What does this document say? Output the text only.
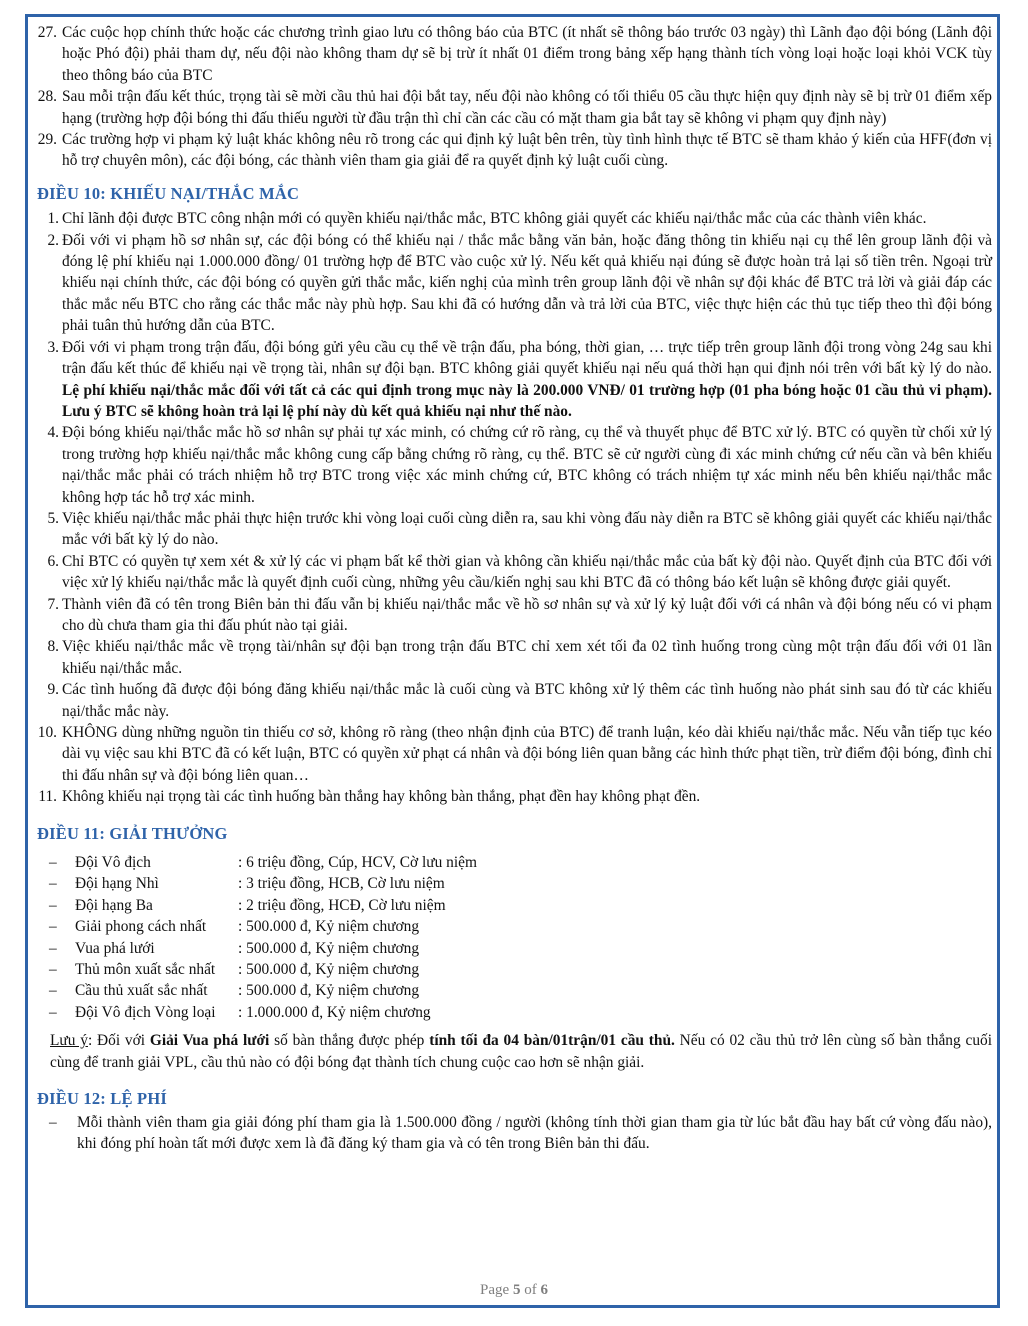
27. Các cuộc họp chính thức hoặc các chương trình giao lưu có thông báo của BTC (ít nhất sẽ thông báo trước 03 ngày) thì Lãnh đạo đội bóng (Lãnh đội hoặc Phó đội) phải tham dự, nếu đội nào không tham dự sẽ bị trừ ít nhất 01 điểm trong bảng xếp hạng thành tích vòng loại hoặc loại khỏi VCK tùy theo thông báo của BTC
28. Sau mỗi trận đấu kết thúc, trọng tài sẽ mời cầu thủ hai đội bắt tay, nếu đội nào không có tối thiểu 05 cầu thực hiện quy định này sẽ bị trừ 01 điểm xếp hạng (trường hợp đội bóng thi đấu thiếu người từ đầu trận thì chỉ cần các cầu có mặt tham gia bắt tay sẽ không vi phạm quy định này)
29. Các trường hợp vi phạm kỷ luật khác không nêu rõ trong các qui định kỷ luật bên trên, tùy tình hình thực tế BTC sẽ tham khảo ý kiến của HFF(đơn vị hỗ trợ chuyên môn), các đội bóng, các thành viên tham gia giải để ra quyết định kỷ luật cuối cùng.
ĐIỀU 10: KHIẾU NẠI/THẮC MẮC
1. Chỉ lãnh đội được BTC công nhận mới có quyền khiếu nại/thắc mắc, BTC không giải quyết các khiếu nại/thắc mắc của các thành viên khác.
2. Đối với vi phạm hồ sơ nhân sự, các đội bóng có thể khiếu nại / thắc mắc bằng văn bản, hoặc đăng thông tin khiếu nại cụ thể lên group lãnh đội và đóng lệ phí khiếu nại 1.000.000 đồng/ 01 trường hợp để BTC vào cuộc xử lý. Nếu kết quả khiếu nại đúng sẽ được hoàn trả lại số tiền trên. Ngoại trừ khiếu nại chính thức, các đội bóng có quyền gửi thắc mắc, kiến nghị của mình trên group lãnh đội về nhân sự đội khác để BTC trả lời và giải đáp các thắc mắc nếu BTC cho rằng các thắc mắc này phù hợp. Sau khi đã có hướng dẫn và trả lời của BTC, việc thực hiện các thủ tục tiếp theo thì đội bóng phải tuân thủ hướng dẫn của BTC.
3. Đối với vi phạm trong trận đấu, đội bóng gửi yêu cầu cụ thể về trận đấu, pha bóng, thời gian, … trực tiếp trên group lãnh đội trong vòng 24g sau khi trận đấu kết thúc để khiếu nại về trọng tài, nhân sự đội bạn. BTC không giải quyết khiếu nại nếu quá thời hạn qui định nói trên với bất kỳ lý do nào. Lệ phí khiếu nại/thắc mắc đối với tất cả các qui định trong mục này là 200.000 VNĐ/ 01 trường hợp (01 pha bóng hoặc 01 cầu thủ vi phạm). Lưu ý BTC sẽ không hoàn trả lại lệ phí này dù kết quả khiếu nại như thế nào.
4. Đội bóng khiếu nại/thắc mắc hồ sơ nhân sự phải tự xác minh, có chứng cứ rõ ràng, cụ thể và thuyết phục để BTC xử lý. BTC có quyền từ chối xử lý trong trường hợp khiếu nại/thắc mắc không cung cấp bằng chứng rõ ràng, cụ thể. BTC sẽ cử người cùng đi xác minh chứng cứ nếu cần và bên khiếu nại/thắc mắc phải có trách nhiệm hỗ trợ BTC trong việc xác minh chứng cứ, BTC không có trách nhiệm tự xác minh nếu bên khiếu nại/thắc mắc không hợp tác hỗ trợ xác minh.
5. Việc khiếu nại/thắc mắc phải thực hiện trước khi vòng loại cuối cùng diễn ra, sau khi vòng đấu này diễn ra BTC sẽ không giải quyết các khiếu nại/thắc mắc với bất kỳ lý do nào.
6. Chỉ BTC có quyền tự xem xét & xử lý các vi phạm bất kể thời gian và không cần khiếu nại/thắc mắc của bất kỳ đội nào. Quyết định của BTC đối với việc xử lý khiếu nại/thắc mắc là quyết định cuối cùng, những yêu cầu/kiến nghị sau khi BTC đã có thông báo kết luận sẽ không được giải quyết.
7. Thành viên đã có tên trong Biên bản thi đấu vẫn bị khiếu nại/thắc mắc về hồ sơ nhân sự và xử lý kỷ luật đối với cá nhân và đội bóng nếu có vi phạm cho dù chưa tham gia thi đấu phút nào tại giải.
8. Việc khiếu nại/thắc mắc về trọng tài/nhân sự đội bạn trong trận đấu BTC chỉ xem xét tối đa 02 tình huống trong cùng một trận đấu đối với 01 lần khiếu nại/thắc mắc.
9. Các tình huống đã được đội bóng đăng khiếu nại/thắc mắc là cuối cùng và BTC không xử lý thêm các tình huống nào phát sinh sau đó từ các khiếu nại/thắc mắc này.
10. KHÔNG dùng những nguồn tin thiếu cơ sở, không rõ ràng (theo nhận định của BTC) để tranh luận, kéo dài khiếu nại/thắc mắc. Nếu vẫn tiếp tục kéo dài vụ việc sau khi BTC đã có kết luận, BTC có quyền xử phạt cá nhân và đội bóng liên quan bằng các hình thức phạt tiền, trừ điểm đội bóng, đình chỉ thi đấu nhân sự và đội bóng liên quan…
11. Không khiếu nại trọng tài các tình huống bàn thắng hay không bàn thắng, phạt đền hay không phạt đền.
ĐIỀU 11: GIẢI THƯỞNG
–	Đội Vô địch	: 6 triệu đồng, Cúp, HCV, Cờ lưu niệm
–	Đội hạng Nhì	: 3 triệu đồng, HCB, Cờ lưu niệm
–	Đội hạng Ba	: 2 triệu đồng, HCĐ, Cờ lưu niệm
–	Giải phong cách nhất	: 500.000 đ, Kỷ niệm chương
–	Vua phá lưới	: 500.000 đ, Kỷ niệm chương
–	Thủ môn xuất sắc nhất	: 500.000 đ, Kỷ niệm chương
–	Cầu thủ xuất sắc nhất	: 500.000 đ, Kỷ niệm chương
–	Đội Vô địch Vòng loại	: 1.000.000 đ, Kỷ niệm chương

Lưu ý: Đối với Giải Vua phá lưới số bàn thắng được phép tính tối đa 04 bàn/01trận/01 cầu thủ. Nếu có 02 cầu thủ trở lên cùng số bàn thắng cuối cùng để tranh giải VPL, cầu thủ nào có đội bóng đạt thành tích chung cuộc cao hơn sẽ nhận giải.

ĐIỀU 12: LỆ PHÍ
–	Mỗi thành viên tham gia giải đóng phí tham gia là 1.500.000 đồng / người (không tính thời gian tham gia từ lúc bắt đầu hay bất cứ vòng đấu nào), khi đóng phí hoàn tất mới được xem là đã đăng ký tham gia và có tên trong Biên bản thi đấu.
Page 5 of 6
